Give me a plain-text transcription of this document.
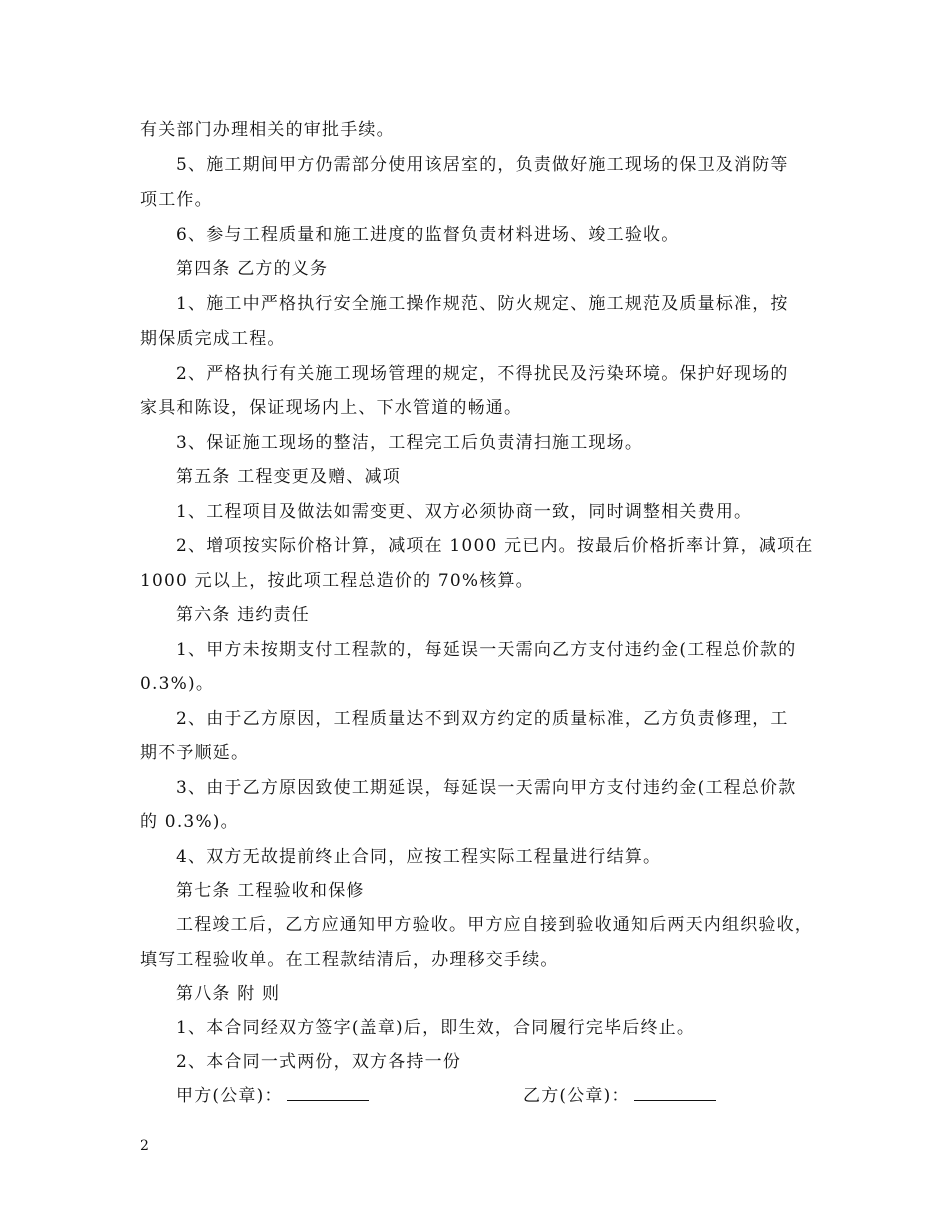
有关部门办理相关的审批手续。
5、施工期间甲方仍需部分使用该居室的，负责做好施工现场的保卫及消防等
项工作。
6、参与工程质量和施工进度的监督负责材料进场、竣工验收。
第四条 乙方的义务
1、施工中严格执行安全施工操作规范、防火规定、施工规范及质量标准，按
期保质完成工程。
2、严格执行有关施工现场管理的规定，不得扰民及污染环境。保护好现场的
家具和陈设，保证现场内上、下水管道的畅通。
3、保证施工现场的整洁，工程完工后负责清扫施工现场。
第五条 工程变更及赠、减项
1、工程项目及做法如需变更、双方必须协商一致，同时调整相关费用。
2、增项按实际价格计算，减项在 1000 元已内。按最后价格折率计算，减项在
1000 元以上，按此项工程总造价的 70%核算。
第六条 违约责任
1、甲方未按期支付工程款的，每延误一天需向乙方支付违约金(工程总价款的
0.3%)。
2、由于乙方原因，工程质量达不到双方约定的质量标准，乙方负责修理，工
期不予顺延。
3、由于乙方原因致使工期延误，每延误一天需向甲方支付违约金(工程总价款
的 0.3%)。
4、双方无故提前终止合同，应按工程实际工程量进行结算。
第七条 工程验收和保修
工程竣工后，乙方应通知甲方验收。甲方应自接到验收通知后两天内组织验收，
填写工程验收单。在工程款结清后，办理移交手续。
第八条 附 则
1、本合同经双方签字(盖章)后，即生效，合同履行完毕后终止。
2、本合同一式两份，双方各持一份
甲方(公章)：	乙方(公章)：
2
